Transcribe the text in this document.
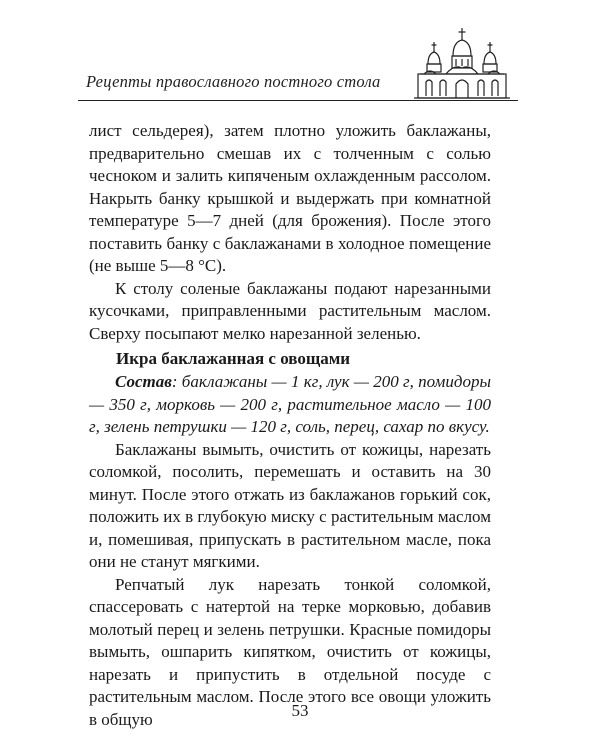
Рецепты православного постного стола

лист сельдерея), затем плотно уложить баклажаны, предварительно смешав их с толченным с солью чесноком и залить кипяченым охлажденным рассолом. Накрыть банку крышкой и выдержать при комнатной температуре 5—7 дней (для брожения). После этого поставить банку с баклажанами в холодное помещение (не выше 5—8 °С).

К столу соленые баклажаны подают нарезанными кусочками, приправленными растительным маслом. Сверху посыпают мелко нарезанной зеленью.

Икра баклажанная с овощами

Состав: баклажаны — 1 кг, лук — 200 г, помидоры — 350 г, морковь — 200 г, растительное масло — 100 г, зелень петрушки — 120 г, соль, перец, сахар по вкусу.

Баклажаны вымыть, очистить от кожицы, нарезать соломкой, посолить, перемешать и оставить на 30 минут. После этого отжать из баклажанов горький сок, положить их в глубокую миску с растительным маслом и, помешивая, припускать в растительном масле, пока они не станут мягкими.

Репчатый лук нарезать тонкой соломкой, спассеровать с натертой на терке морковью, добавив молотый перец и зелень петрушки. Красные помидоры вымыть, ошпарить кипятком, очистить от кожицы, нарезать и припустить в отдельной посуде с растительным маслом. После этого все овощи уложить в общую	53
